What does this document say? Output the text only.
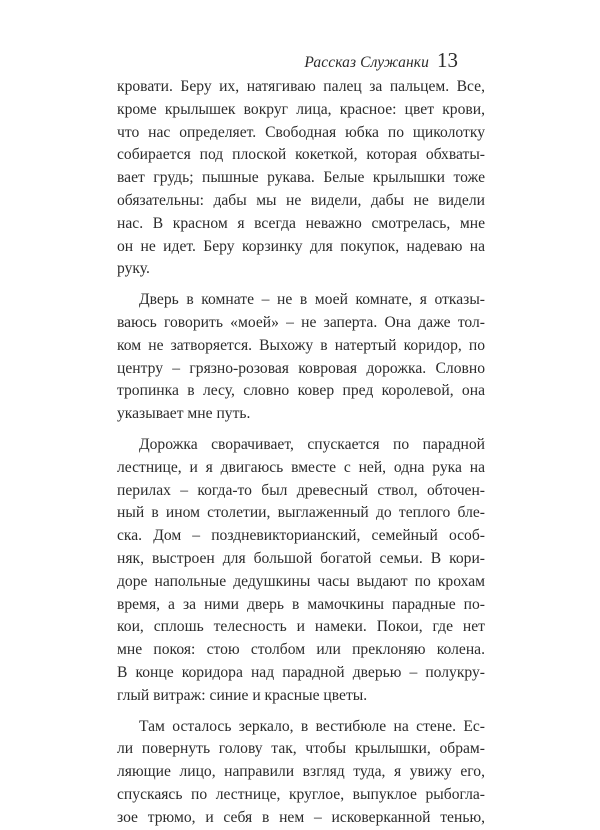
Рассказ Служанки 13
кровати. Беру их, натягиваю палец за пальцем. Все,
кроме крылышек вокруг лица, красное: цвет крови,
что нас определяет. Свободная юбка по щиколотку
собирается под плоской кокеткой, которая обхваты-
вает грудь; пышные рукава. Белые крылышки тоже
обязательны: дабы мы не видели, дабы не видели
нас. В красном я всегда неважно смотрелась, мне
он не идет. Беру корзинку для покупок, надеваю на
руку.
Дверь в комнате – не в моей комнате, я отказы-
ваюсь говорить «моей» – не заперта. Она даже тол-
ком не затворяется. Выхожу в натертый коридор, по
центру – грязно-розовая ковровая дорожка. Словно
тропинка в лесу, словно ковер пред королевой, она
указывает мне путь.
Дорожка сворачивает, спускается по парадной
лестнице, и я двигаюсь вместе с ней, одна рука на
перилах – когда-то был древесный ствол, обточен-
ный в ином столетии, выглаженный до теплого бле-
ска. Дом – поздневикторианский, семейный особ-
няк, выстроен для большой богатой семьи. В кори-
доре напольные дедушкины часы выдают по крохам
время, а за ними дверь в мамочкины парадные по-
кои, сплошь телесность и намеки. Покои, где нет
мне покоя: стою столбом или преклоняю колена.
В конце коридора над парадной дверью – полукру-
глый витраж: синие и красные цветы.
Там осталось зеркало, в вестибюле на стене. Ес-
ли повернуть голову так, чтобы крылышки, обрам-
ляющие лицо, направили взгляд туда, я увижу его,
спускаясь по лестнице, круглое, выпуклое рыбогла-
зое трюмо, и себя в нем – исковерканной тенью,
